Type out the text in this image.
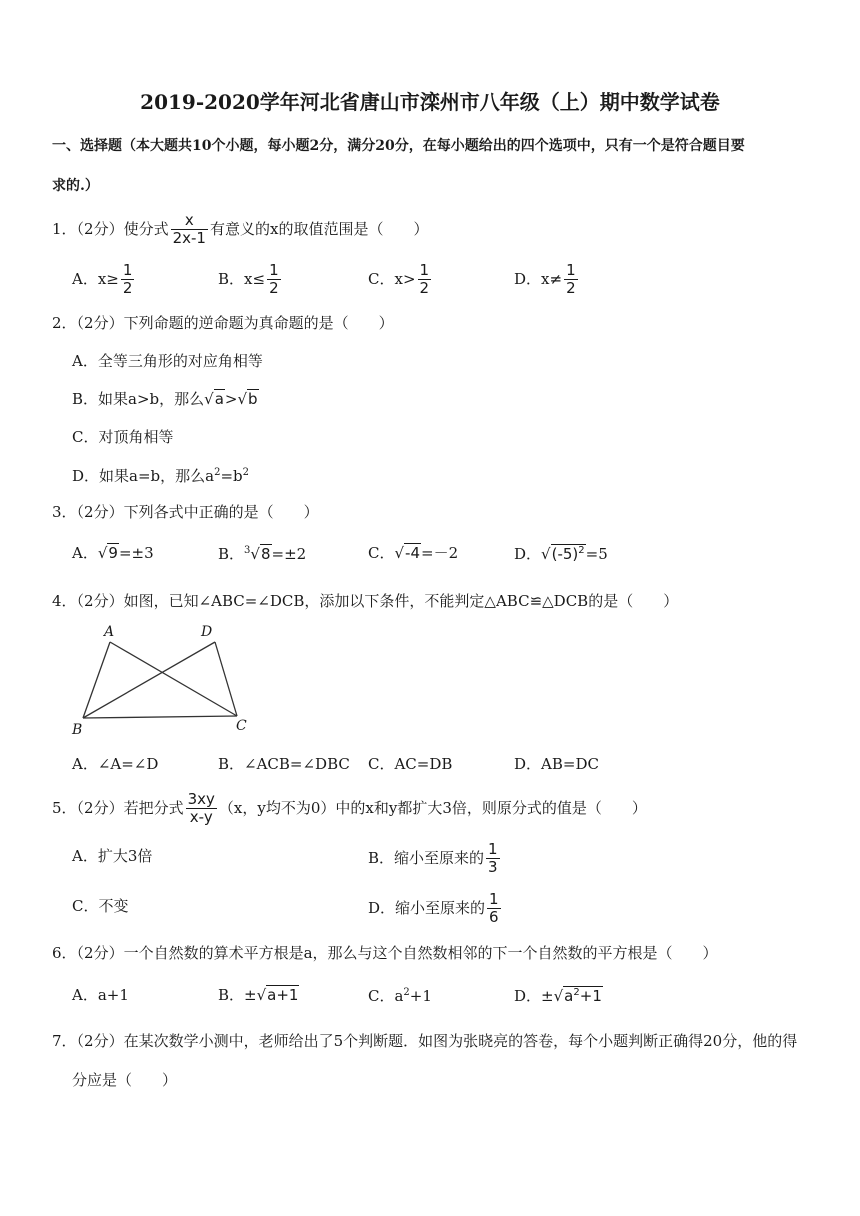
2019-2020学年河北省唐山市滦州市八年级（上）期中数学试卷
一、选择题（本大题共10个小题，每小题2分，满分20分，在每小题给出的四个选项中，只有一个是符合题目要
求的.）
1．（2分）使分式 $\frac{x}{2x-1}$ 有意义的x的取值范围是（　　）
A．$x\ge \frac{1}{2}$	B．$x\le \frac{1}{2}$	C．$x> \frac{1}{2}$	D．$x\ne \frac{1}{2}$
2．（2分）下列命题的逆命题为真命题的是（　　）
A．全等三角形的对应角相等
B．如果a>b，那么√a>√b
C．对顶角相等
D．如果a=b，那么$a^2=b^2$
3．（2分）下列各式中正确的是（　　）
A．√9=±3	B．$^3$√8=±2	C．√-4=－2	D．$√(-5)^2=5$
4．（2分）如图，已知∠ABC=∠DCB，添加以下条件，不能判定△ABC≌△DCB的是（　　）
A	D
B	C
A．∠A=∠D	B．∠ACB=∠DBC C．AC=DB	D．AB=DC
5．（2分）若把分式 $\frac{3xy}{x-y} (x$，y均不为0）中的x和y都扩大3倍，则原分式的值是（　　）
A．扩大3倍	B．缩小至原来的 $\frac{1}{3}$
C．不变	D．缩小至原来的 $\frac{1}{6}$
6．（2分）一个自然数的算术平方根是a，那么与这个自然数相邻的下一个自然数的平方根是（　　）
A．a+1	B．±√a+1	C．$a^2+1$	D．$\pm√a^2+1$
7．（2分）在某次数学小测中，老师给出了5个判断题．如图为张晓亮的答卷，每个小题判断正确得20分，他的得
分应是（　　）
